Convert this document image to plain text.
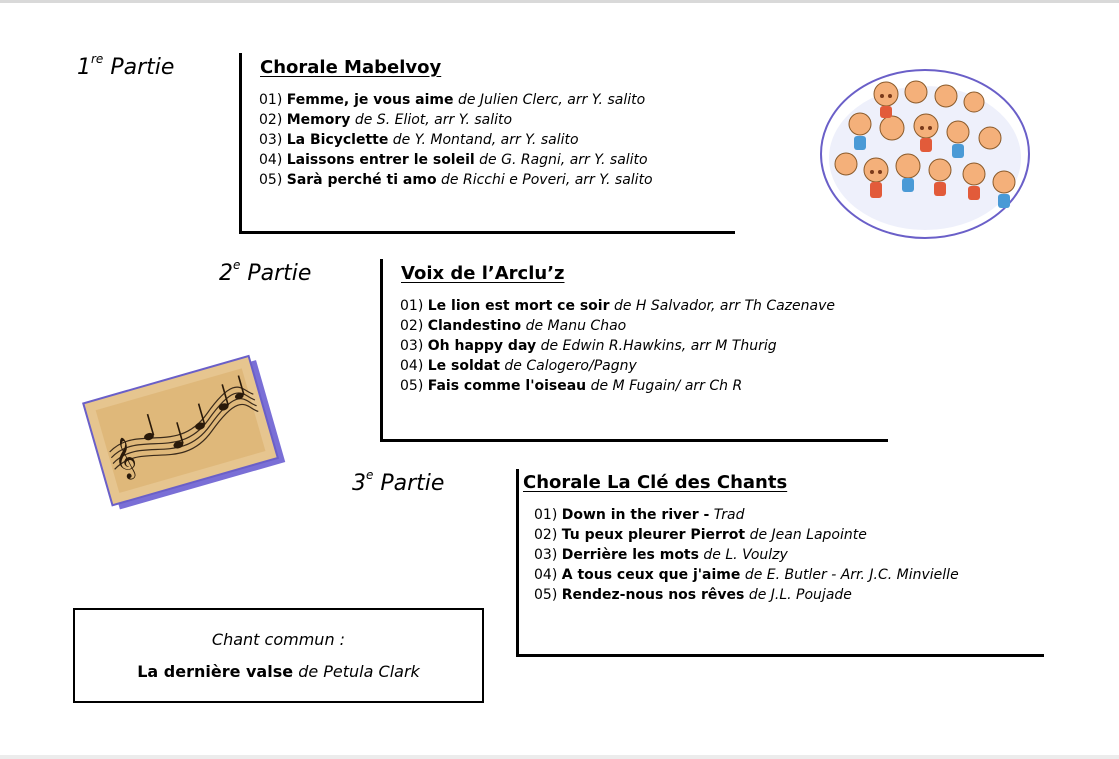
1re Partie	Chorale Mabelvoy
01) Femme, je vous aime de Julien Clerc, arr Y. salito
02) Memory de S. Eliot, arr Y. salito
03) La Bicyclette de Y. Montand, arr Y. salito
04) Laissons entrer le soleil de G. Ragni, arr Y. salito
05) Sarà perché ti amo de Ricchi e Poveri, arr Y. salito
2e Partie	Voix de l’Arclu’z
01) Le lion est mort ce soir de H Salvador, arr Th Cazenave
02) Clandestino de Manu Chao
03) Oh happy day de Edwin R.Hawkins, arr M Thurig
04) Le soldat de Calogero/Pagny
05) Fais comme l'oiseau de M Fugain/ arr Ch R
𝄞
3e Partie	Chorale La Clé des Chants
01) Down in the river - Trad
02) Tu peux pleurer Pierrot de Jean Lapointe
03) Derrière les mots de L. Voulzy
04) A tous ceux que j'aime de E. Butler - Arr. J.C. Minvielle
05) Rendez-nous nos rêves de J.L. Poujade
Chant commun :
La dernière valse de Petula Clark
